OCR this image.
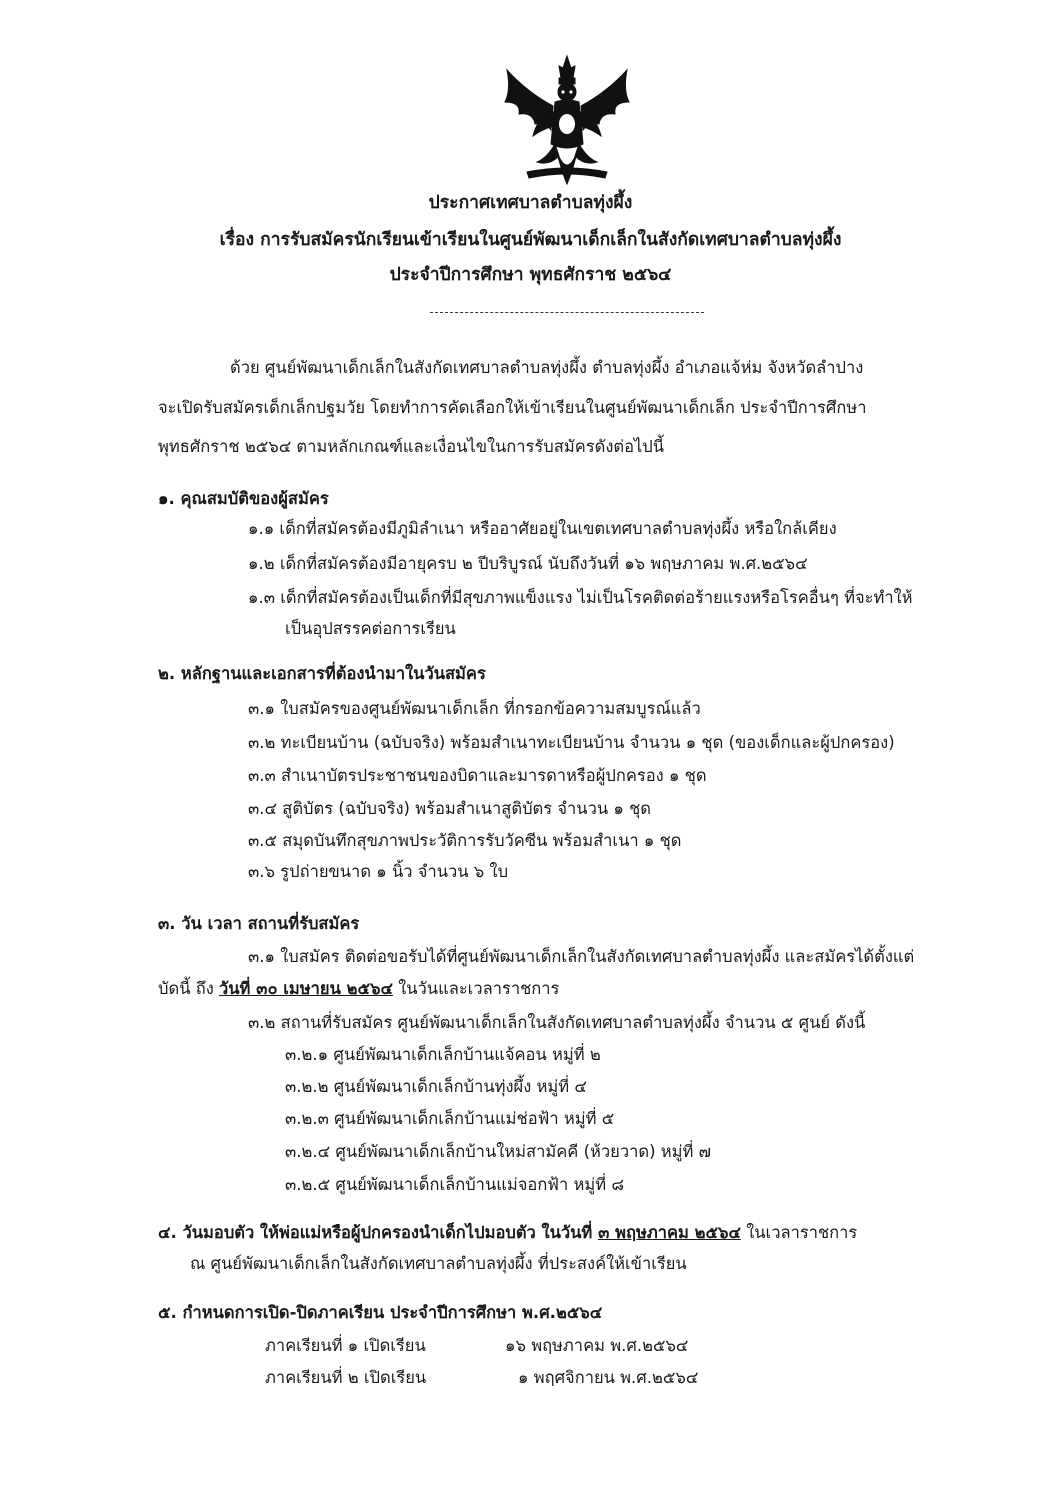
ประกาศเทศบาลตำบลทุ่งผึ้ง
เรื่อง การรับสมัครนักเรียนเข้าเรียนในศูนย์พัฒนาเด็กเล็กในสังกัดเทศบาลตำบลทุ่งผึ้ง
ประจำปีการศึกษา พุทธศักราช ๒๕๖๔
ด้วย ศูนย์พัฒนาเด็กเล็กในสังกัดเทศบาลตำบลทุ่งผึ้ง ตำบลทุ่งผึ้ง อำเภอแจ้ห่ม จังหวัดลำปาง
จะเปิดรับสมัครเด็กเล็กปฐมวัย โดยทำการคัดเลือกให้เข้าเรียนในศูนย์พัฒนาเด็กเล็ก ประจำปีการศึกษา
พุทธศักราช ๒๕๖๔ ตามหลักเกณฑ์และเงื่อนไขในการรับสมัครดังต่อไปนี้
๑. คุณสมบัติของผู้สมัคร
๑.๑ เด็กที่สมัครต้องมีภูมิลำเนา หรืออาศัยอยู่ในเขตเทศบาลตำบลทุ่งผึ้ง หรือใกล้เคียง
๑.๒ เด็กที่สมัครต้องมีอายุครบ ๒ ปีบริบูรณ์ นับถึงวันที่ ๑๖ พฤษภาคม พ.ศ.๒๕๖๔
๑.๓ เด็กที่สมัครต้องเป็นเด็กที่มีสุขภาพแข็งแรง ไม่เป็นโรคติดต่อร้ายแรงหรือโรคอื่นๆ ที่จะทำให้
เป็นอุปสรรคต่อการเรียน
๒. หลักฐานและเอกสารที่ต้องนำมาในวันสมัคร
๓.๑ ใบสมัครของศูนย์พัฒนาเด็กเล็ก ที่กรอกข้อความสมบูรณ์แล้ว
๓.๒ ทะเบียนบ้าน (ฉบับจริง) พร้อมสำเนาทะเบียนบ้าน จำนวน ๑ ชุด (ของเด็กและผู้ปกครอง)
๓.๓ สำเนาบัตรประชาชนของบิดาและมารดาหรือผู้ปกครอง ๑ ชุด
๓.๔ สูติบัตร (ฉบับจริง) พร้อมสำเนาสูติบัตร จำนวน ๑ ชุด
๓.๕ สมุดบันทึกสุขภาพประวัติการรับวัคซีน พร้อมสำเนา ๑ ชุด
๓.๖ รูปถ่ายขนาด ๑ นิ้ว จำนวน ๖ ใบ
๓. วัน เวลา สถานที่รับสมัคร
๓.๑ ใบสมัคร ติดต่อขอรับได้ที่ศูนย์พัฒนาเด็กเล็กในสังกัดเทศบาลตำบลทุ่งผึ้ง และสมัครได้ตั้งแต่
บัดนี้ ถึง วันที่ ๓๐ เมษายน ๒๕๖๔ ในวันและเวลาราชการ
๓.๒ สถานที่รับสมัคร ศูนย์พัฒนาเด็กเล็กในสังกัดเทศบาลตำบลทุ่งผึ้ง จำนวน ๕ ศูนย์ ดังนี้
๓.๒.๑ ศูนย์พัฒนาเด็กเล็กบ้านแจ้คอน หมู่ที่ ๒
๓.๒.๒ ศูนย์พัฒนาเด็กเล็กบ้านทุ่งผึ้ง หมู่ที่ ๔
๓.๒.๓ ศูนย์พัฒนาเด็กเล็กบ้านแม่ช่อฟ้า หมู่ที่ ๕
๓.๒.๔ ศูนย์พัฒนาเด็กเล็กบ้านใหม่สามัคคี (ห้วยวาด) หมู่ที่ ๗
๓.๒.๕ ศูนย์พัฒนาเด็กเล็กบ้านแม่จอกฟ้า หมู่ที่ ๘
๔. วันมอบตัว ให้พ่อแม่หรือผู้ปกครองนำเด็กไปมอบตัว ในวันที่ ๓ พฤษภาคม ๒๕๖๔ ในเวลาราชการ
ณ ศูนย์พัฒนาเด็กเล็กในสังกัดเทศบาลตำบลทุ่งผึ้ง ที่ประสงค์ให้เข้าเรียน
๕. กำหนดการเปิด-ปิดภาคเรียน ประจำปีการศึกษา พ.ศ.๒๕๖๔
ภาคเรียนที่ ๑ เปิดเรียน	๑๖ พฤษภาคม พ.ศ.๒๕๖๔
ภาคเรียนที่ ๒ เปิดเรียน	๑ พฤศจิกายน พ.ศ.๒๕๖๔
